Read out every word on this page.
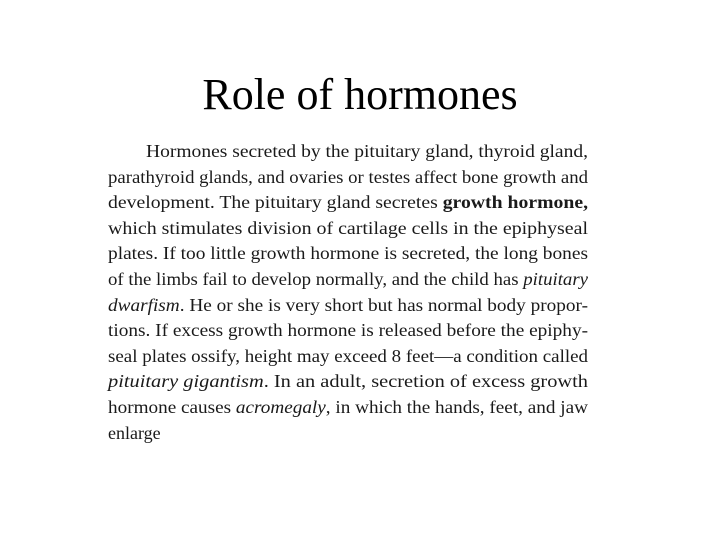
Role of hormones
Hormones secreted by the pituitary gland, thyroid gland,
parathyroid glands, and ovaries or testes affect bone growth and
development. The pituitary gland secretes growth hormone,
which stimulates division of cartilage cells in the epiphyseal
plates. If too little growth hormone is secreted, the long bones
of the limbs fail to develop normally, and the child has pituitary
dwarfism. He or she is very short but has normal body propor-
tions. If excess growth hormone is released before the epiphy-
seal plates ossify, height may exceed 8 feet—a condition called
pituitary gigantism. In an adult, secretion of excess growth
hormone causes acromegaly, in which the hands, feet, and jaw
enlarge
